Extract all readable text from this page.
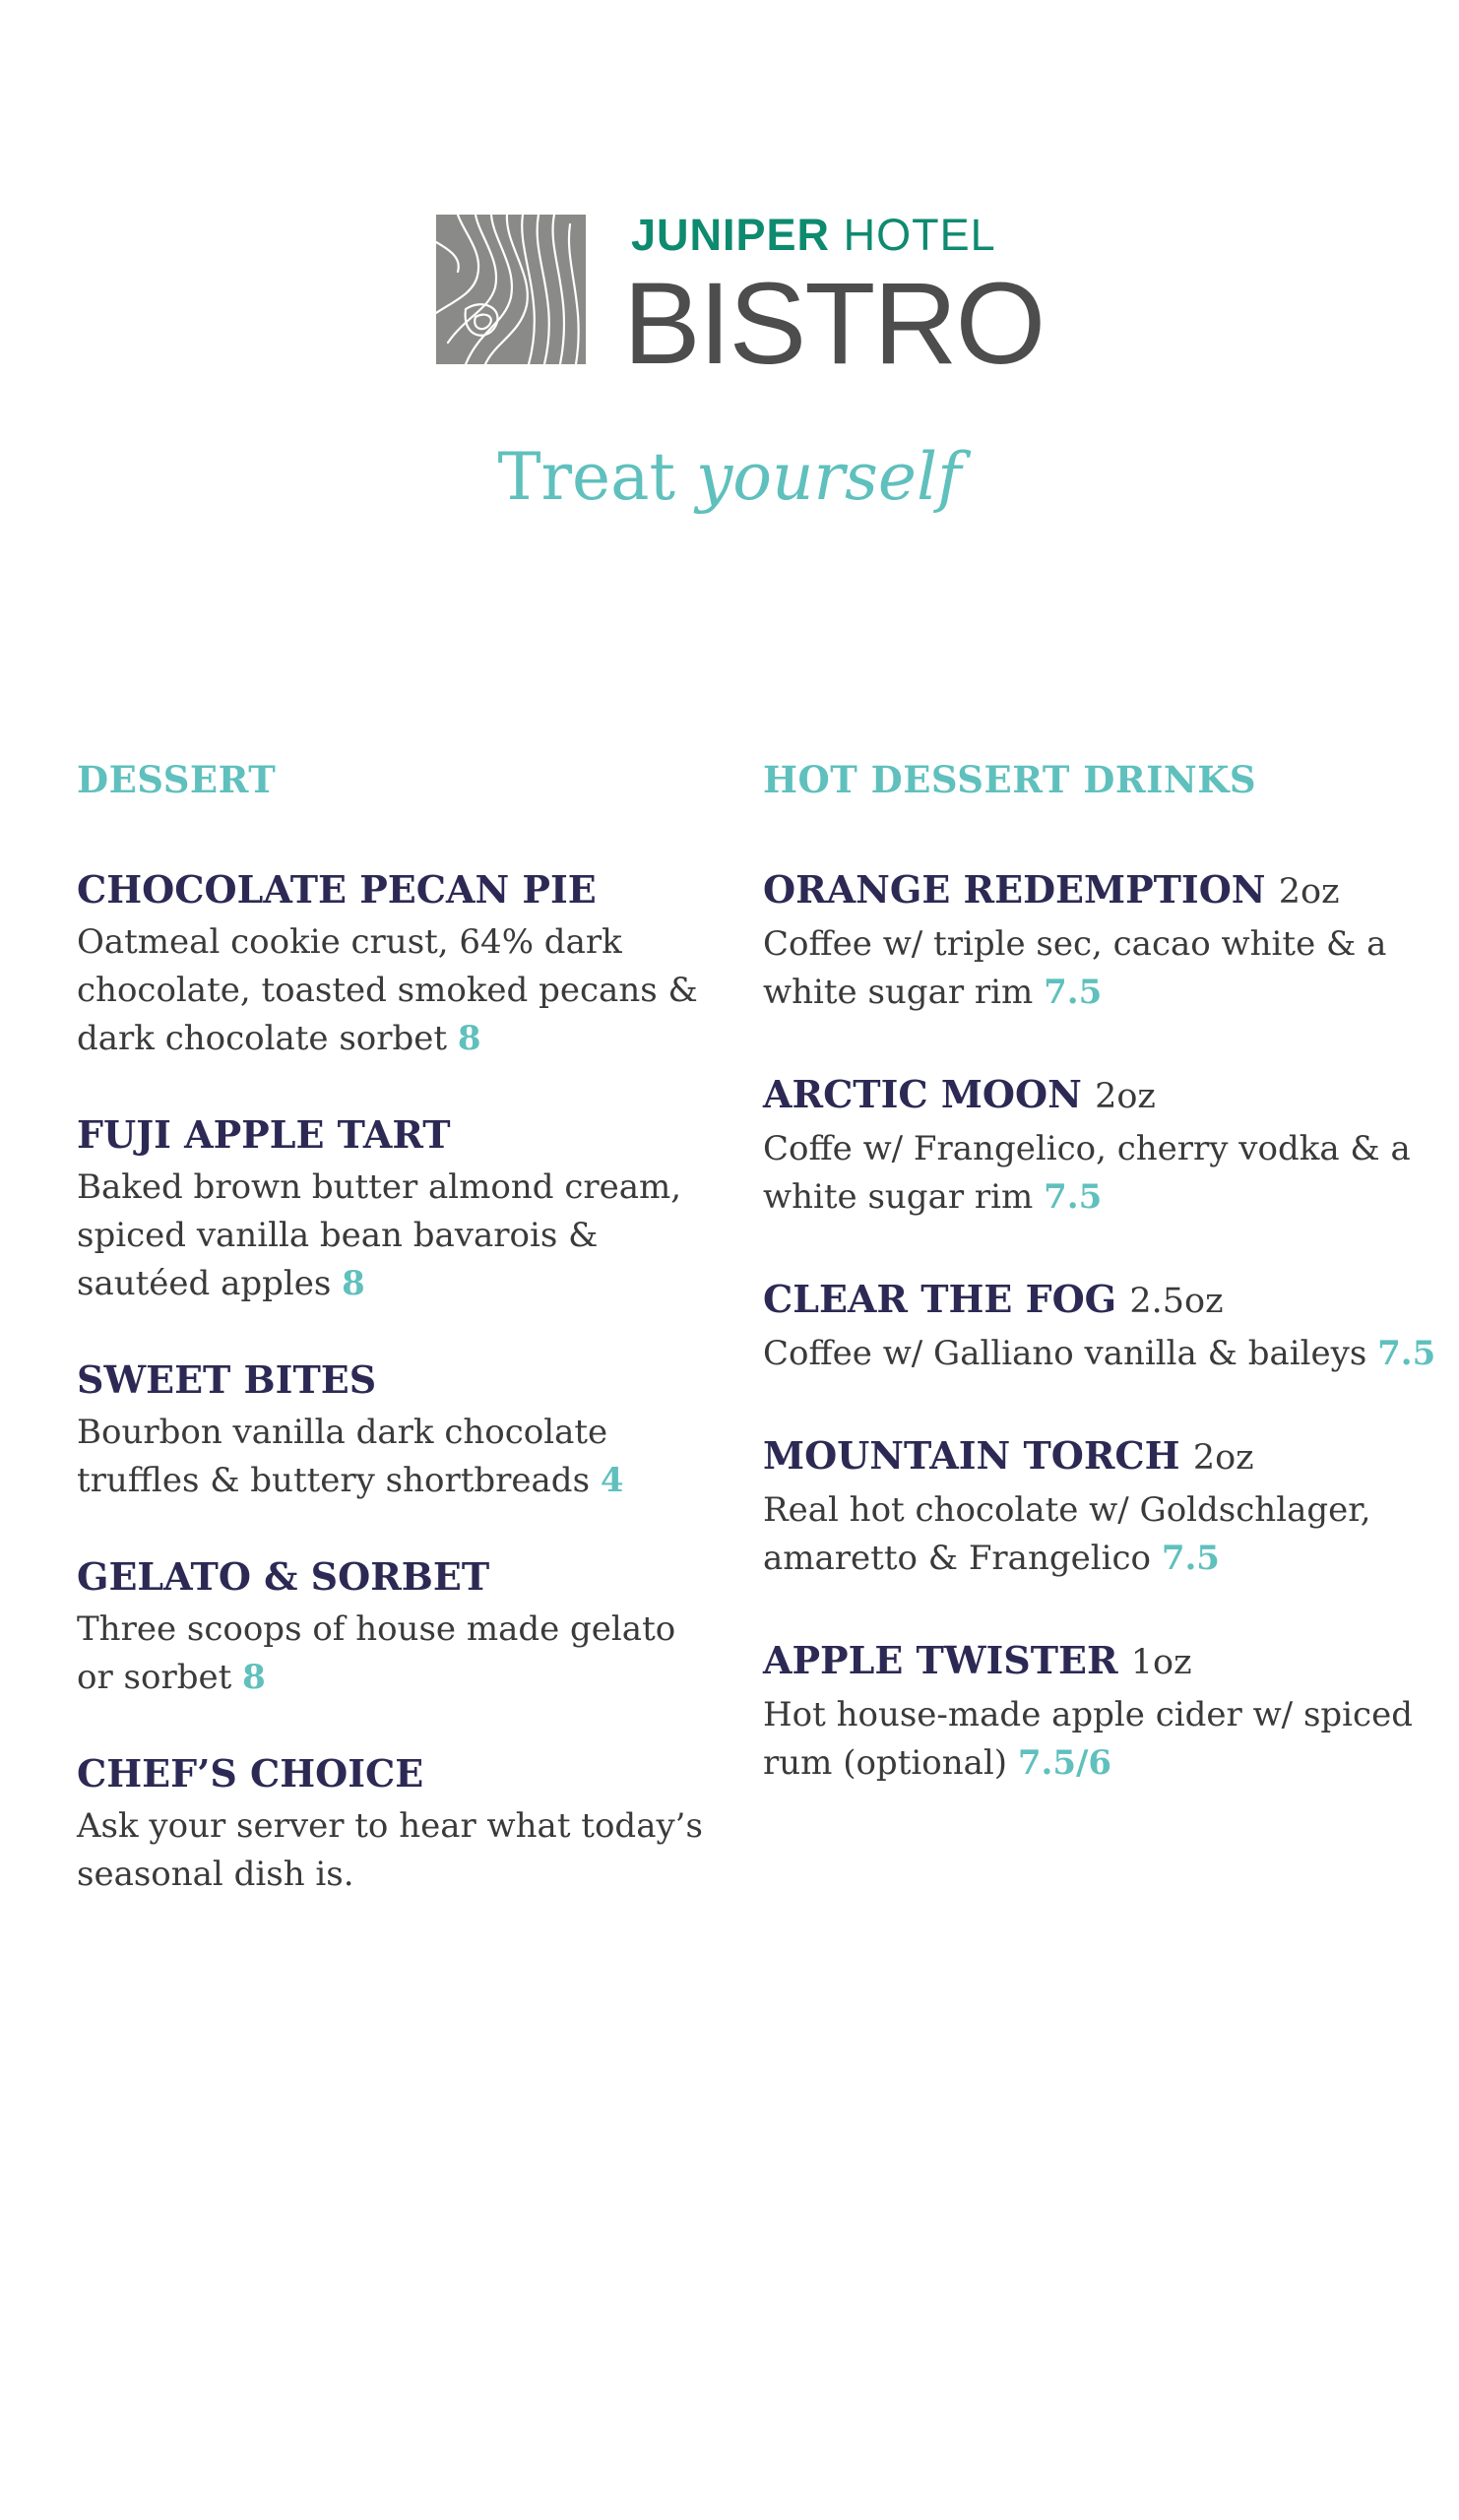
JUNIPER HOTEL
BISTRO
Treat yourself
DESSERT
CHOCOLATE PECAN PIE
Oatmeal cookie crust, 64% dark chocolate, toasted smoked pecans & dark chocolate sorbet 8
FUJI APPLE TART
Baked brown butter almond cream, spiced vanilla bean bavarois & sautéed apples 8
SWEET BITES
Bourbon vanilla dark chocolate truffles & buttery shortbreads 4
GELATO & SORBET
Three scoops of house made gelato or sorbet 8
CHEF’S CHOICE
Ask your server to hear what today’s seasonal dish is.
HOT DESSERT DRINKS
ORANGE REDEMPTION 2oz
Coffee w/ triple sec, cacao white & a white sugar rim 7.5
ARCTIC MOON 2oz
Coffe w/ Frangelico, cherry vodka & a white sugar rim 7.5
CLEAR THE FOG 2.5oz
Coffee w/ Galliano vanilla & baileys 7.5
MOUNTAIN TORCH 2oz
Real hot chocolate w/ Goldschlager, amaretto & Frangelico 7.5
APPLE TWISTER 1oz
Hot house-made apple cider w/ spiced rum (optional) 7.5/6
